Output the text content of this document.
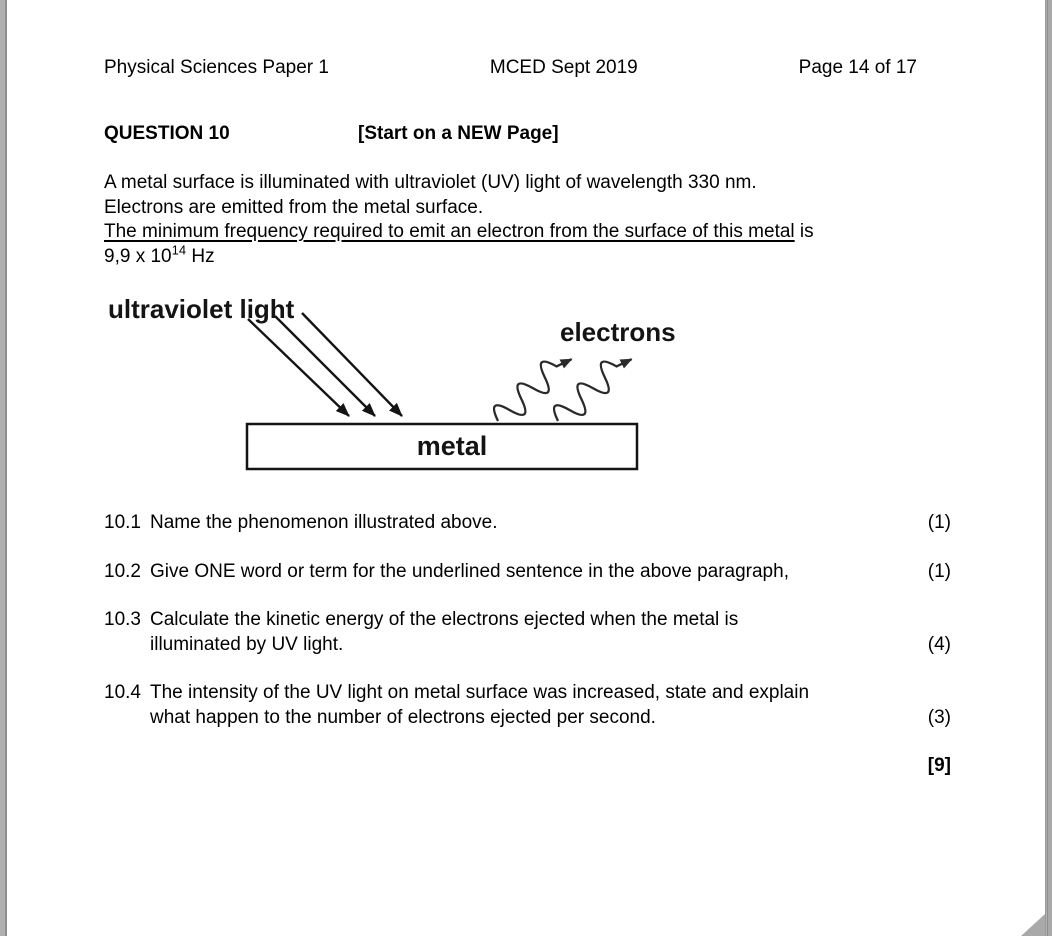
Physical Sciences Paper 1	MCED Sept 2019	Page 14 of 17
QUESTION 10	[Start on a NEW Page]
A metal surface is illuminated with ultraviolet (UV) light of wavelength 330 nm.
Electrons are emitted from the metal surface.
The minimum frequency required to emit an electron from the surface of this metal is
9,9 x $10^{14}$ Hz
ultraviolet light
electrons
metal
10.1 Name the phenomenon illustrated above.	(1)
10.2 Give ONE word or term for the underlined sentence in the above paragraph,	(1)
10.3 Calculate the kinetic energy of the electrons ejected when the metal is
illuminated by UV light.	(4)
10.4 The intensity of the UV light on metal surface was increased, state and explain
what happen to the number of electrons ejected per second.	(3)
[9]
